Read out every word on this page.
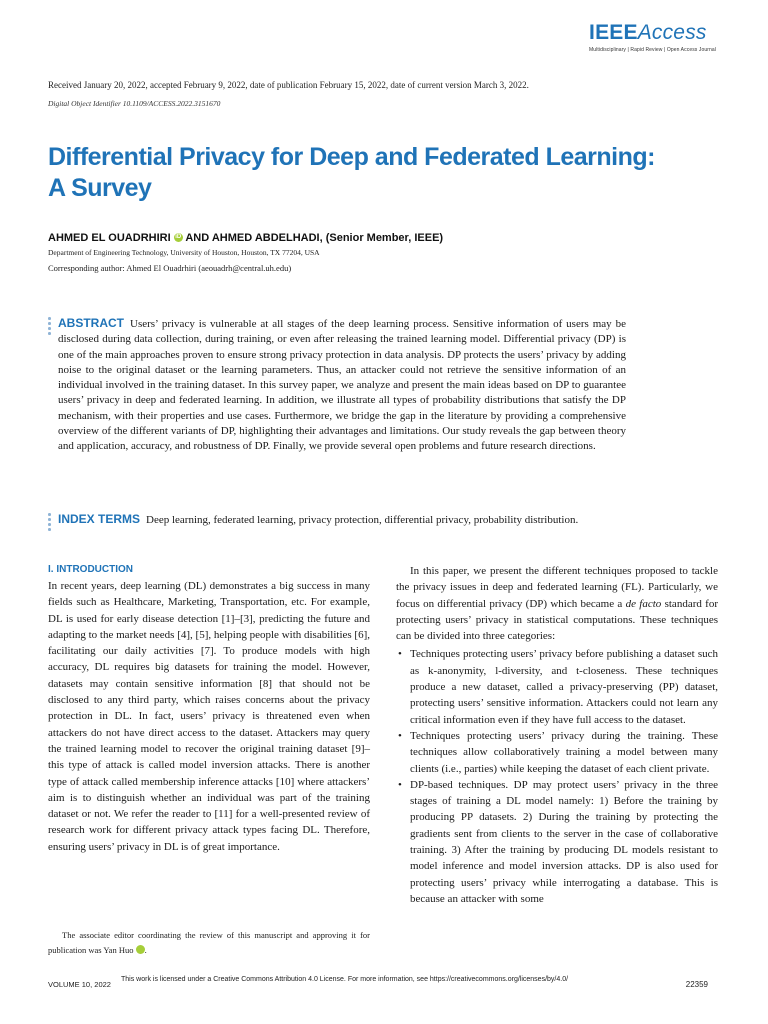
IEEEAccess
Multidisciplinary | Rapid Review | Open Access Journal
Received January 20, 2022, accepted February 9, 2022, date of publication February 15, 2022, date of current version March 3, 2022.
Digital Object Identifier 10.1109/ACCESS.2022.3151670
Differential Privacy for Deep and Federated Learning: A Survey
AHMED EL OUADRHIRI iD AND AHMED ABDELHADI, (Senior Member, IEEE)
Department of Engineering Technology, University of Houston, Houston, TX 77204, USA
Corresponding author: Ahmed El Ouadrhiri (aeouadrh@central.uh.edu)
ABSTRACT Users’ privacy is vulnerable at all stages of the deep learning process. Sensitive information of users may be disclosed during data collection, during training, or even after releasing the trained learning model. Differential privacy (DP) is one of the main approaches proven to ensure strong privacy protection in data analysis. DP protects the users’ privacy by adding noise to the original dataset or the learning parameters. Thus, an attacker could not retrieve the sensitive information of an individual involved in the training dataset. In this survey paper, we analyze and present the main ideas based on DP to guarantee users’ privacy in deep and federated learning. In addition, we illustrate all types of probability distributions that satisfy the DP mechanism, with their properties and use cases. Furthermore, we bridge the gap in the literature by providing a comprehensive overview of the different variants of DP, highlighting their advantages and limitations. Our study reveals the gap between theory and application, accuracy, and robustness of DP. Finally, we provide several open problems and future research directions.
INDEX TERMS Deep learning, federated learning, privacy protection, differential privacy, probability distribution.
I. INTRODUCTION

In recent years, deep learning (DL) demonstrates a big success in many fields such as Healthcare, Marketing, Transportation, etc. For example, DL is used for early disease detection [1]–[3], predicting the future and adapting to the market needs [4], [5], helping people with disabilities [6], facilitating our daily activities [7]. To produce models with high accuracy, DL requires big datasets for training the model. However, datasets may contain sensitive information [8] that should not be disclosed to any third party, which raises concerns about the privacy protection in DL. In fact, users’ privacy is threatened even when attackers do not have direct access to the dataset. Attackers may query the trained learning model to recover the original training dataset [9]– this type of attack is called model inversion attacks. There is another type of attack called membership inference attacks [10] where attackers’ aim is to distinguish whether an individual was part of the training dataset or not. We refer the reader to [11] for a well-presented review of research work for different privacy attack types facing DL. Therefore, ensuring users’ privacy in DL is of great importance.

The associate editor coordinating the review of this manuscript and approving it for publication was Yan Huo	iD.

In this paper, we present the different techniques proposed to tackle the privacy issues in deep and federated learning (FL). Particularly, we focus on differential privacy (DP) which became a de facto standard for protecting users’ privacy in statistical computations. These techniques can be divided into three categories:

• Techniques protecting users’ privacy before publishing a dataset such as k-anonymity, l-diversity, and t-closeness. These techniques produce a new dataset, called a privacy-preserving (PP) dataset, protecting users’ sensitive information. Attackers could not learn any critical information even if they have full access to the dataset.
• Techniques protecting users’ privacy during the training. These techniques allow collaboratively training a model between many clients (i.e., parties) while keeping the dataset of each client private.
• DP-based techniques. DP may protect users’ privacy in the three stages of training a DL model namely: 1) Before the training by producing PP datasets. 2) During the training by protecting the gradients sent from clients to the server in the case of collaborative training. 3) After the training by producing DL models resistant to model inference and model inversion attacks. DP is also used for protecting users’ privacy while interrogating a database. This is because an attacker with some
VOLUME 10, 2022
This work is licensed under a Creative Commons Attribution 4.0 License. For more information, see https://creativecommons.org/licenses/by/4.0/
22359
